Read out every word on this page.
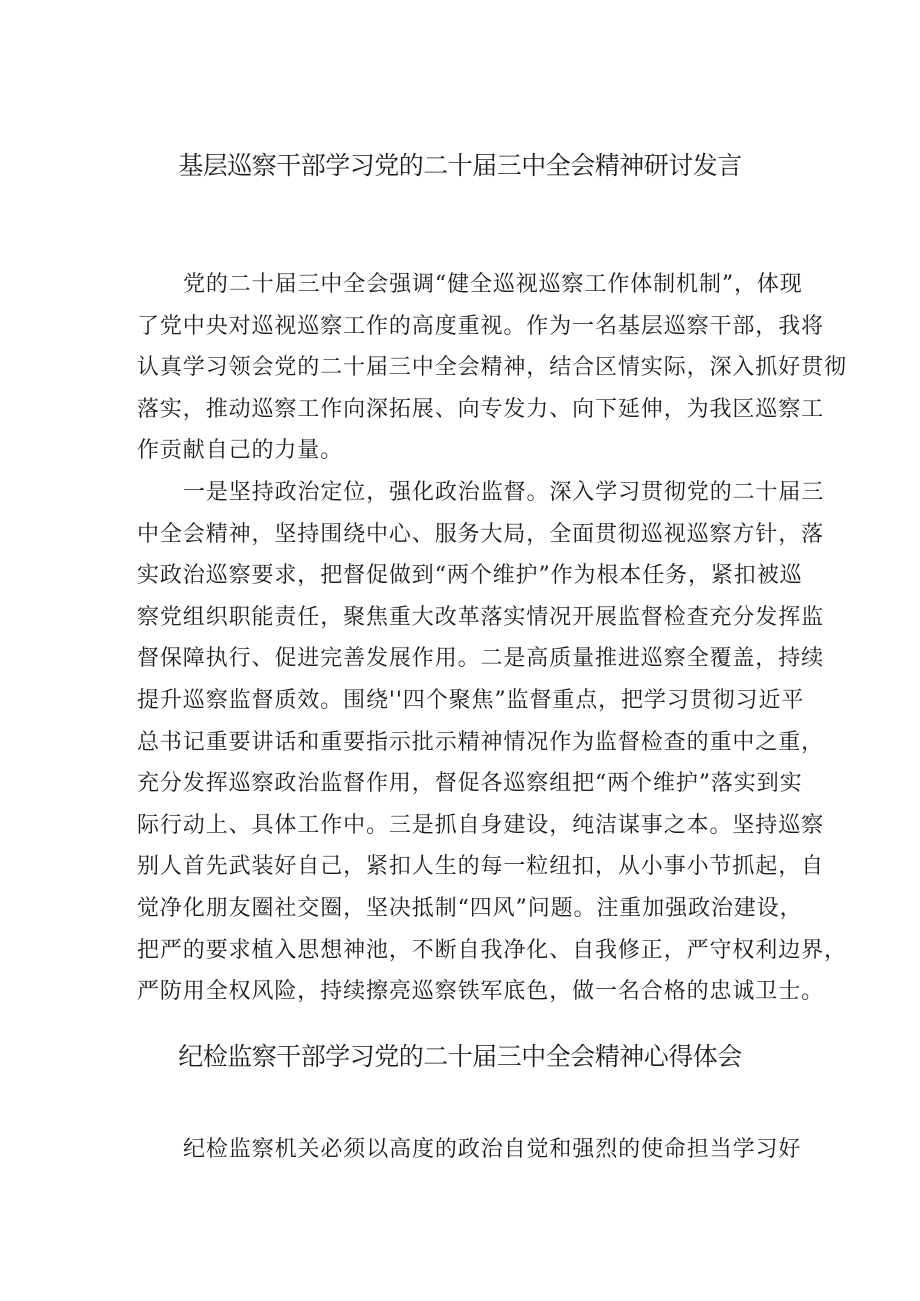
基层巡察干部学习党的二十届三中全会精神研讨发言
党的二十届三中全会强调“健全巡视巡察工作体制机制”，体现
了党中央对巡视巡察工作的高度重视。作为一名基层巡察干部，我将
认真学习领会党的二十届三中全会精神，结合区情实际，深入抓好贯彻
落实，推动巡察工作向深拓展、向专发力、向下延伸，为我区巡察工
作贡献自己的力量。
一是坚持政治定位，强化政治监督。深入学习贯彻党的二十届三
中全会精神，坚持围绕中心、服务大局，全面贯彻巡视巡察方针，落
实政治巡察要求，把督促做到“两个维护”作为根本任务，紧扣被巡
察党组织职能责任，聚焦重大改革落实情况开展监督检查充分发挥监
督保障执行、促进完善发展作用。二是高质量推进巡察全覆盖，持续
提升巡察监督质效。围绕''四个聚焦”监督重点，把学习贯彻习近平
总书记重要讲话和重要指示批示精神情况作为监督检查的重中之重，
充分发挥巡察政治监督作用，督促各巡察组把“两个维护”落实到实
际行动上、具体工作中。三是抓自身建设，纯洁谋事之本。坚持巡察
别人首先武装好自己，紧扣人生的每一粒纽扣，从小事小节抓起，自
觉净化朋友圈社交圈，坚决抵制“四风”问题。注重加强政治建设，
把严的要求植入思想神池，不断自我净化、自我修正，严守权利边界，
严防用全权风险，持续擦亮巡察铁军底色，做一名合格的忠诚卫士。
纪检监察干部学习党的二十届三中全会精神心得体会
纪检监察机关必须以高度的政治自觉和强烈的使命担当学习好
